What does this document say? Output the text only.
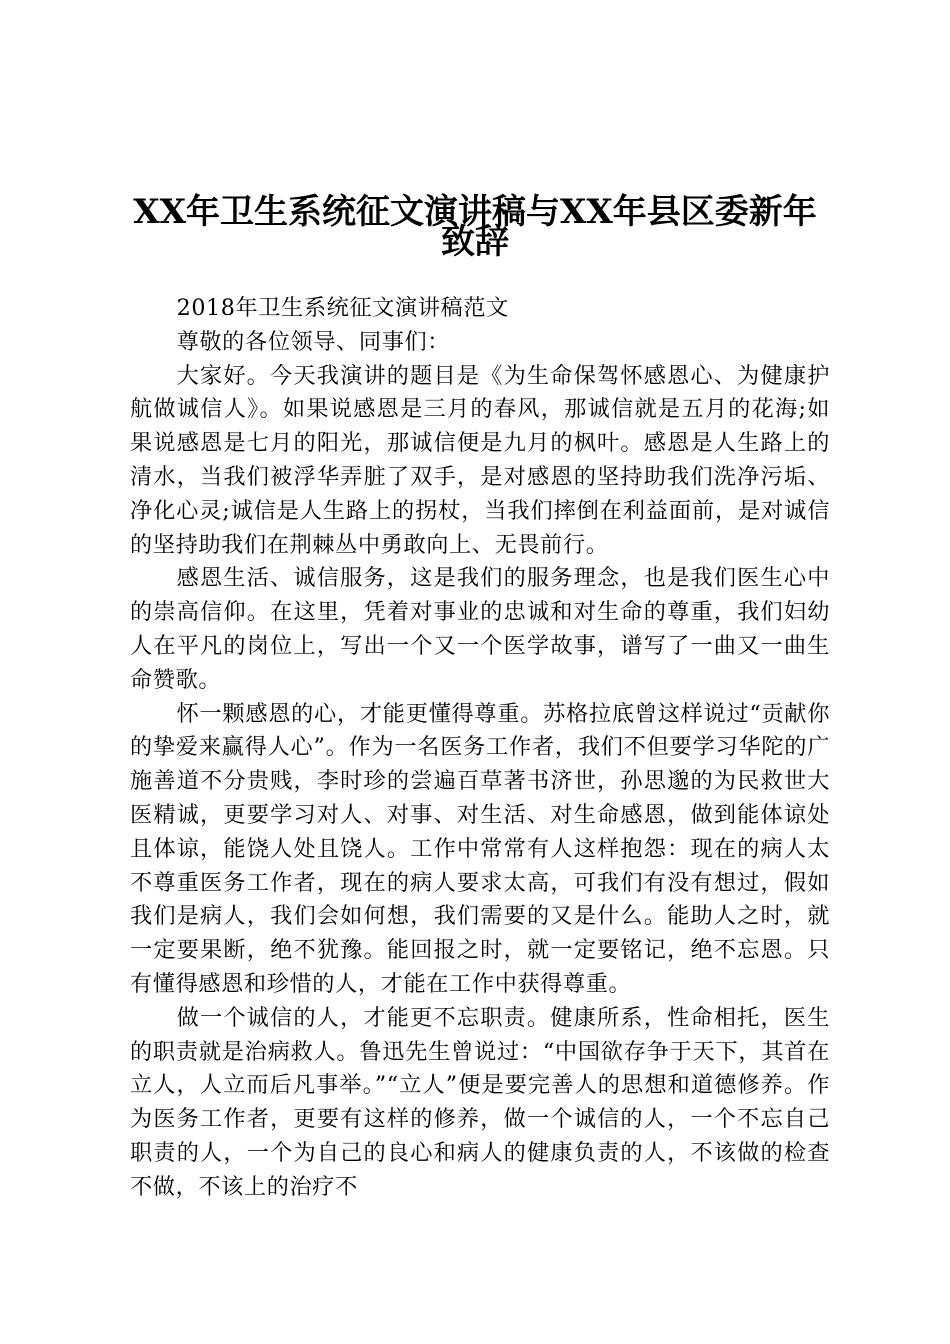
XX年卫生系统征文演讲稿与XX年县区委新年
致辞

2018年卫生系统征文演讲稿范文

尊敬的各位领导、同事们：

大家好。今天我演讲的题目是《为生命保驾怀感恩心、为健康护航做诚信人》。如果说感恩是三月的春风，那诚信就是五月的花海;如果说感恩是七月的阳光，那诚信便是九月的枫叶。感恩是人生路上的清水，当我们被浮华弄脏了双手，是对感恩的坚持助我们洗净污垢、净化心灵;诚信是人生路上的拐杖，当我们摔倒在利益面前，是对诚信的坚持助我们在荆棘丛中勇敢向上、无畏前行。

感恩生活、诚信服务，这是我们的服务理念，也是我们医生心中的崇高信仰。在这里，凭着对事业的忠诚和对生命的尊重，我们妇幼人在平凡的岗位上，写出一个又一个医学故事，谱写了一曲又一曲生命赞歌。

怀一颗感恩的心，才能更懂得尊重。苏格拉底曾这样说过“贡献你的挚爱来赢得人心”。作为一名医务工作者，我们不但要学习华陀的广施善道不分贵贱，李时珍的尝遍百草著书济世，孙思邈的为民救世大医精诚，更要学习对人、对事、对生活、对生命感恩，做到能体谅处且体谅，能饶人处且饶人。工作中常常有人这样抱怨：现在的病人太不尊重医务工作者，现在的病人要求太高，可我们有没有想过，假如我们是病人，我们会如何想，我们需要的又是什么。能助人之时，就一定要果断，绝不犹豫。能回报之时，就一定要铭记，绝不忘恩。只有懂得感恩和珍惜的人，才能在工作中获得尊重。

做一个诚信的人，才能更不忘职责。健康所系，性命相托，医生的职责就是治病救人。鲁迅先生曾说过：“中国欲存争于天下，其首在立人，人立而后凡事举。”“立人”便是要完善人的思想和道德修养。作为医务工作者，更要有这样的修养，做一个诚信的人，一个不忘自己职责的人，一个为自己的良心和病人的健康负责的人，不该做的检查不做，不该上的治疗不
